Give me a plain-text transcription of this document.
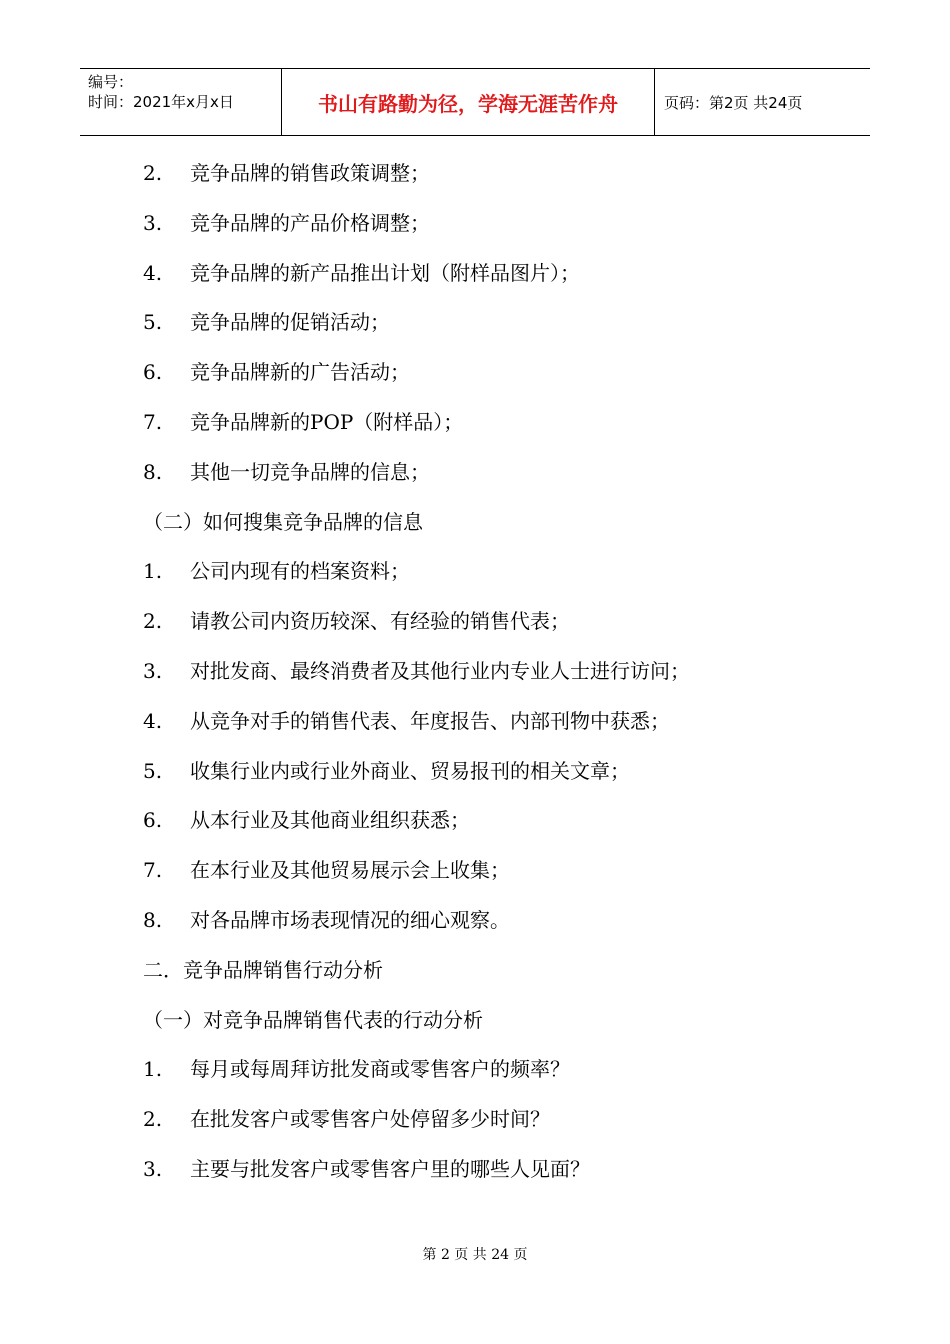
编号：
时间：2021年x月x日	书山有路勤为径，学海无涯苦作舟	页码：第2页 共24页
2. 竞争品牌的销售政策调整；
3. 竞争品牌的产品价格调整；
4. 竞争品牌的新产品推出计划（附样品图片）；
5. 竞争品牌的促销活动；
6. 竞争品牌新的广告活动；
7. 竞争品牌新的POP（附样品）；
8. 其他一切竞争品牌的信息；
（二）如何搜集竞争品牌的信息
1. 公司内现有的档案资料；
2. 请教公司内资历较深、有经验的销售代表；
3. 对批发商、最终消费者及其他行业内专业人士进行访问；
4. 从竞争对手的销售代表、年度报告、内部刊物中获悉；
5. 收集行业内或行业外商业、贸易报刊的相关文章；
6. 从本行业及其他商业组织获悉；
7. 在本行业及其他贸易展示会上收集；
8. 对各品牌市场表现情况的细心观察。
二．竞争品牌销售行动分析
（一）对竞争品牌销售代表的行动分析
1. 每月或每周拜访批发商或零售客户的频率？
2. 在批发客户或零售客户处停留多少时间？
3. 主要与批发客户或零售客户里的哪些人见面？
第 2 页 共 24 页
